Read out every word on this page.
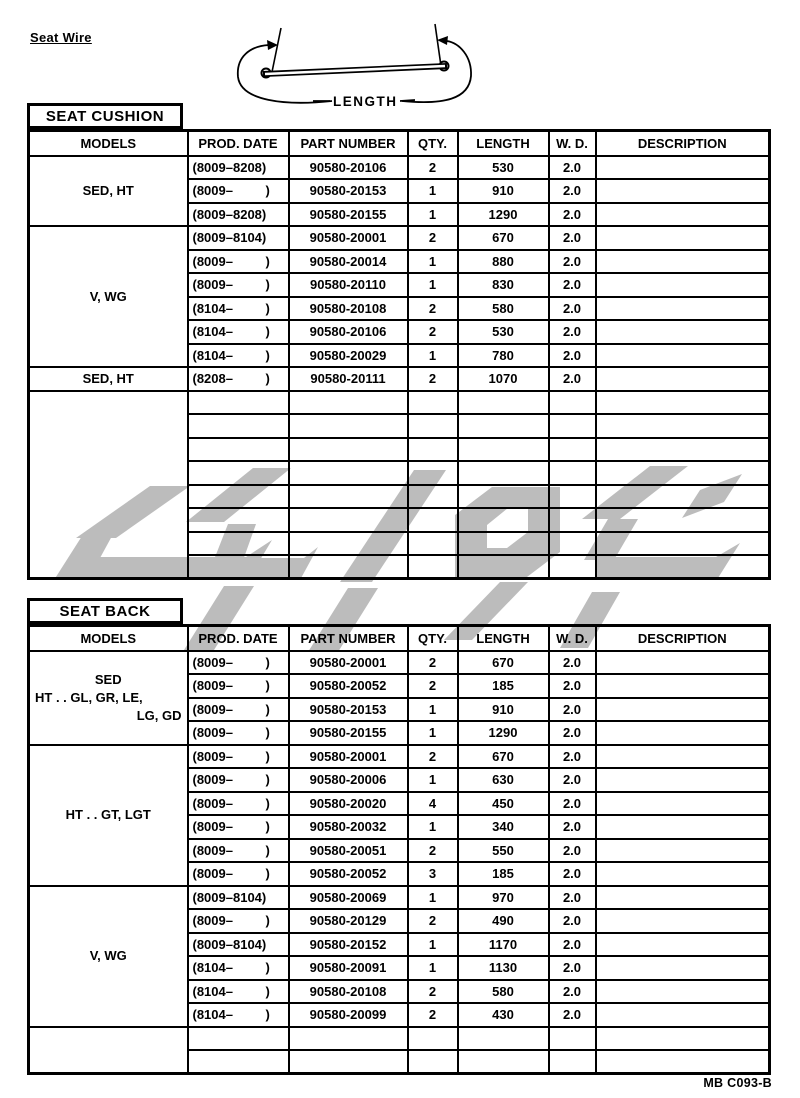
Seat Wire
LENGTH
SEAT CUSHION
MODELS	PROD. DATE	PART NUMBER	QTY.	LENGTH	W. D.	DESCRIPTION

SED, HT	(8009–8208)	90580-20106	2	530	2.0	
	(8009–         )	90580-20153	1	910	2.0	
	(8009–8208)	90580-20155	1	1290	2.0	

V, WG	(8009–8104)	90580-20001	2	670	2.0	
	(8009–         )	90580-20014	1	880	2.0	
	(8009–         )	90580-20110	1	830	2.0	
	(8104–         )	90580-20108	2	580	2.0	
	(8104–         )	90580-20106	2	530	2.0	
	(8104–         )	90580-20029	1	780	2.0	

SED, HT	(8208–         )	90580-20111	2	1070	2.0	

SEAT BACK
MODELS	PROD. DATE	PART NUMBER	QTY.	LENGTH	W. D.	DESCRIPTION

SED
HT . . GL, GR, LE,
LG, GD	(8009–         )	90580-20001	2	670	2.0	
	(8009–         )	90580-20052	2	185	2.0	
	(8009–         )	90580-20153	1	910	2.0	
	(8009–         )	90580-20155	1	1290	2.0	

HT . . GT, LGT	(8009–         )	90580-20001	2	670	2.0	
	(8009–         )	90580-20006	1	630	2.0	
	(8009–         )	90580-20020	4	450	2.0	
	(8009–         )	90580-20032	1	340	2.0	
	(8009–         )	90580-20051	2	550	2.0	
	(8009–         )	90580-20052	3	185	2.0	

V, WG	(8009–8104)	90580-20069	1	970	2.0	
	(8009–         )	90580-20129	2	490	2.0	
	(8009–8104)	90580-20152	1	1170	2.0	
	(8104–         )	90580-20091	1	1130	2.0	
	(8104–         )	90580-20108	2	580	2.0	
	(8104–         )	90580-20099	2	430	2.0	

MB C093-B
